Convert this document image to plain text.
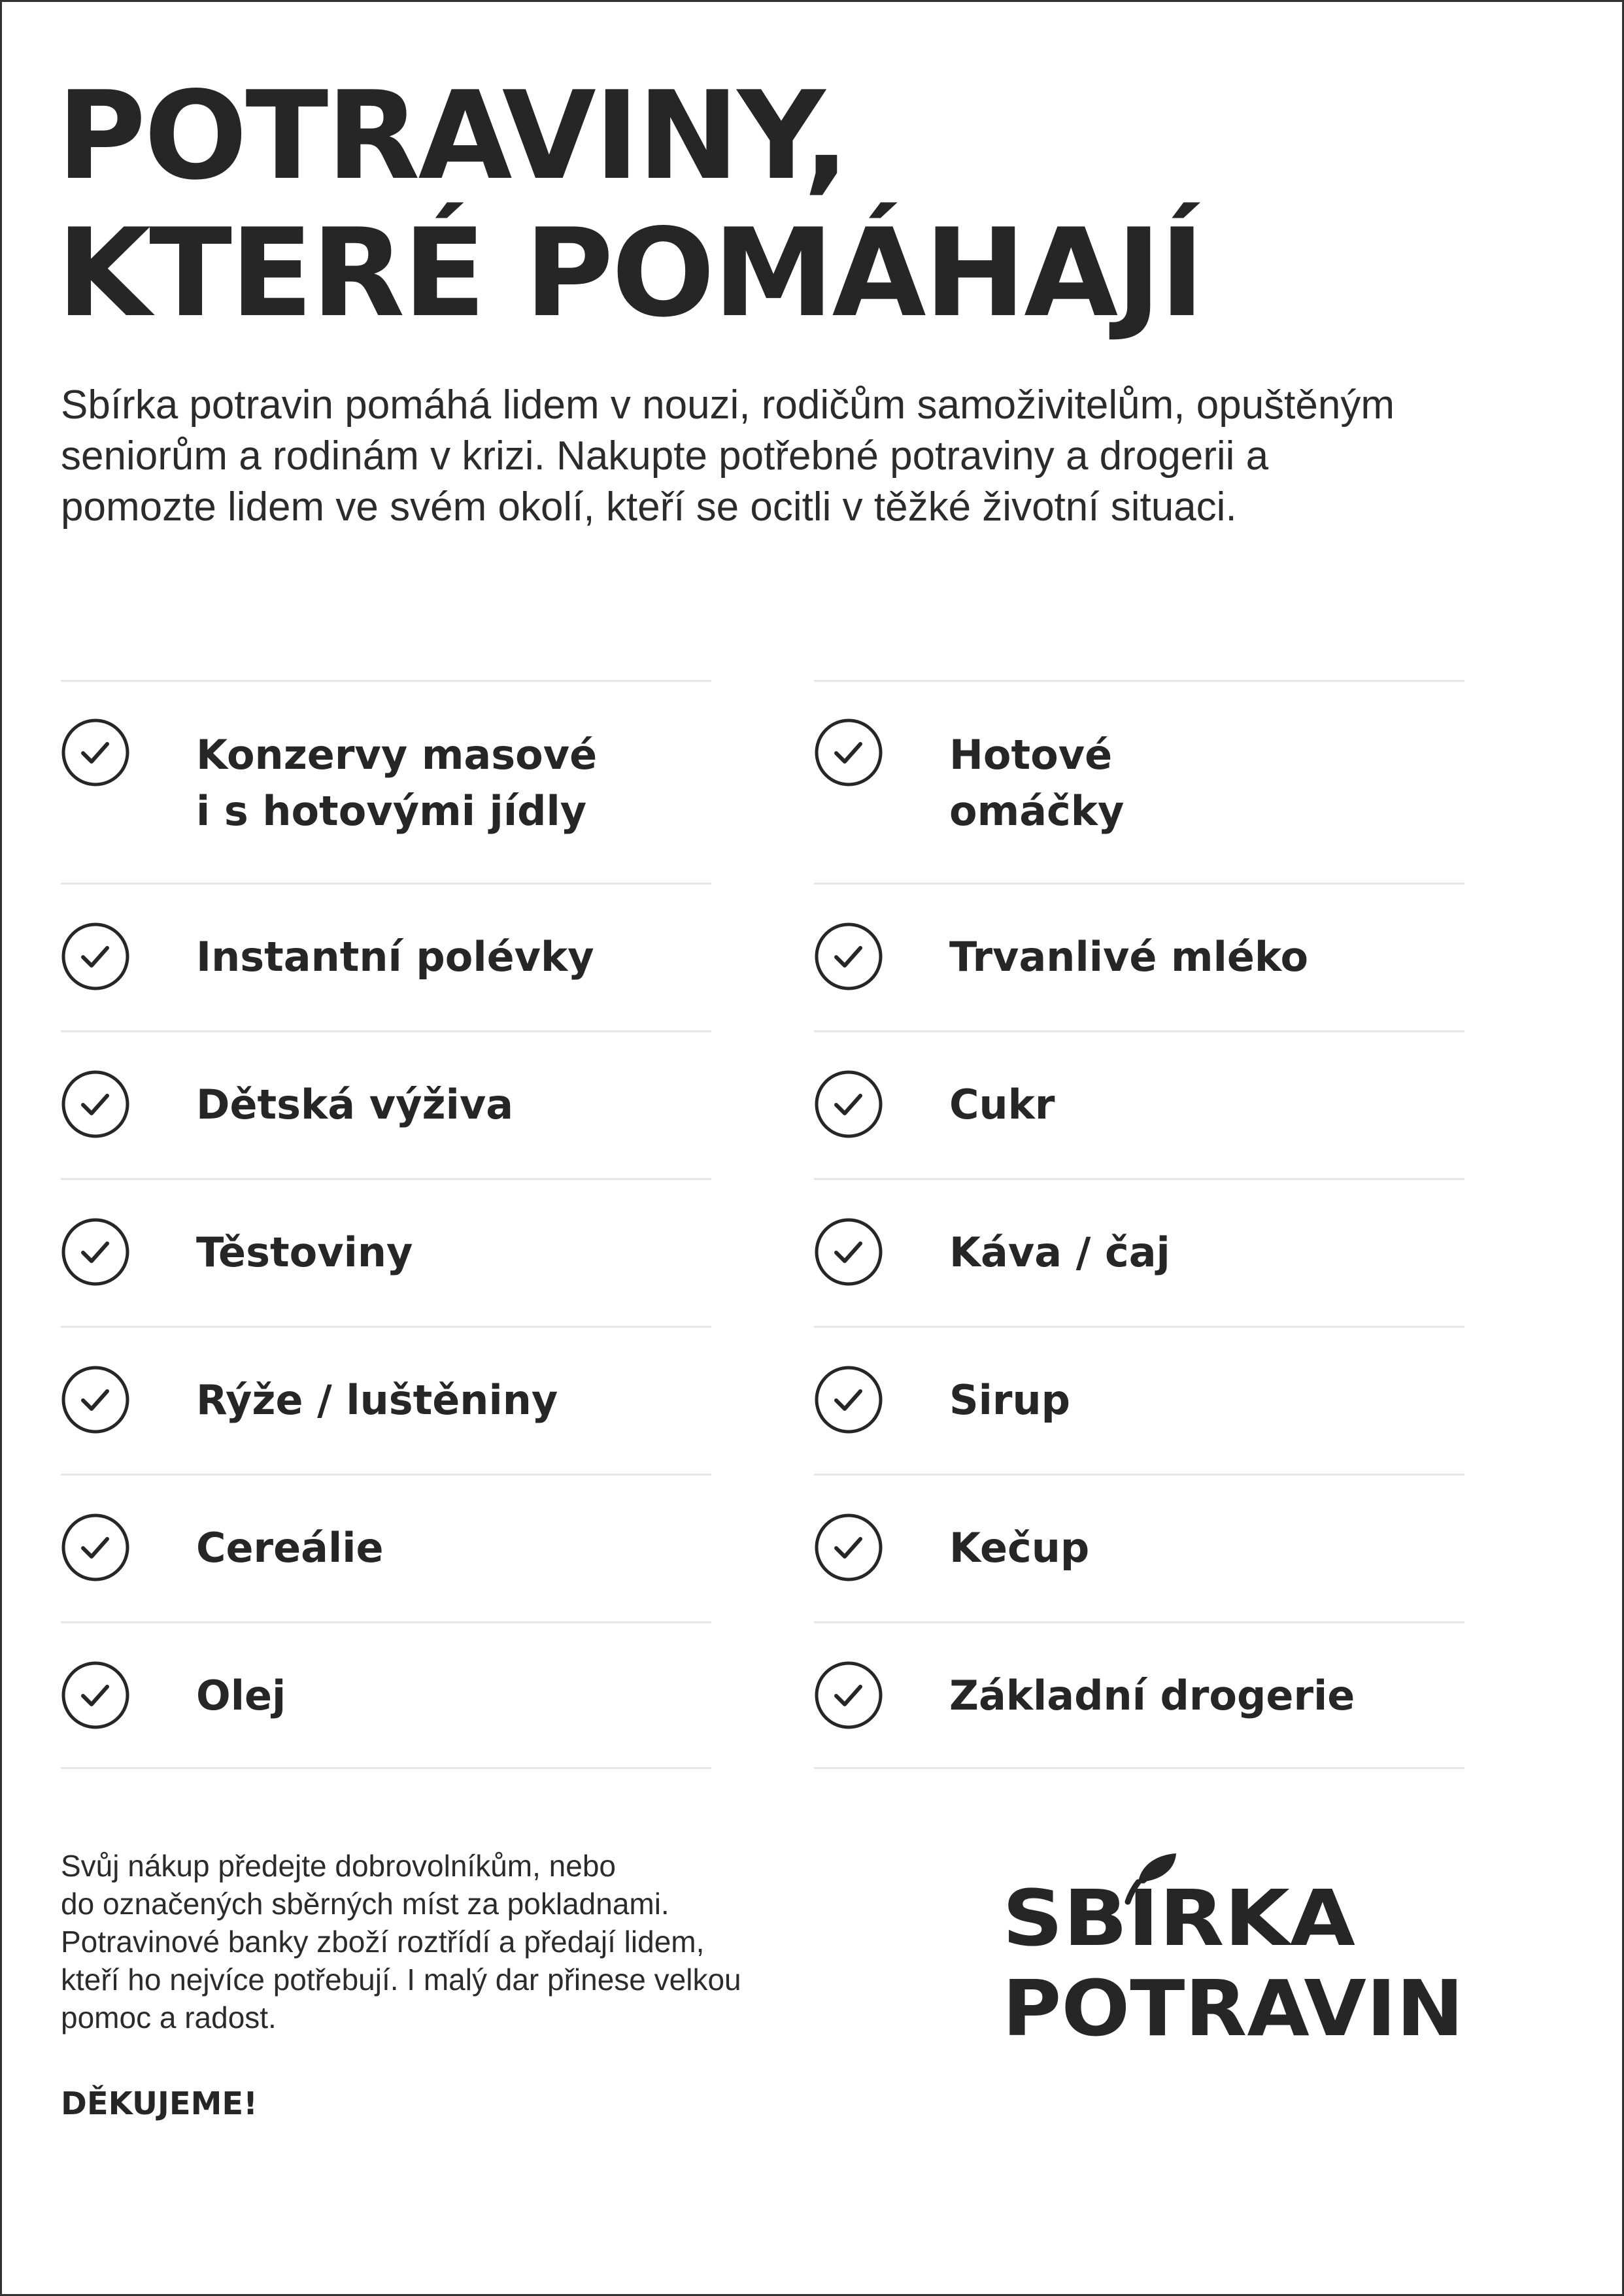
POTRAVINY,
KTERÉ POMÁHAJÍ

Sbírka potravin pomáhá lidem v nouzi, rodičům samoživitelům, opuštěným seniorům a rodinám v krizi. Nakupte potřebné potraviny a drogerii a pomozte lidem ve svém okolí, kteří se ocitli v těžké životní situaci.

Konzervy masové
i s hotovými jídly
Instantní polévky
Dětská výživa
Těstoviny
Rýže / luštěniny
Cereálie
Olej
Hotové
omáčky
Trvanlivé mléko
Cukr
Káva / čaj
Sirup
Kečup
Základní drogerie

Svůj nákup předejte dobrovolníkům, nebo
do označených sběrných míst za pokladnami.
Potravinové banky zboží roztřídí a předají lidem,
kteří ho nejvíce potřebují. I malý dar přinese velkou
pomoc a radost.

DĚKUJEME!

SBÍRKA
POTRAVIN
